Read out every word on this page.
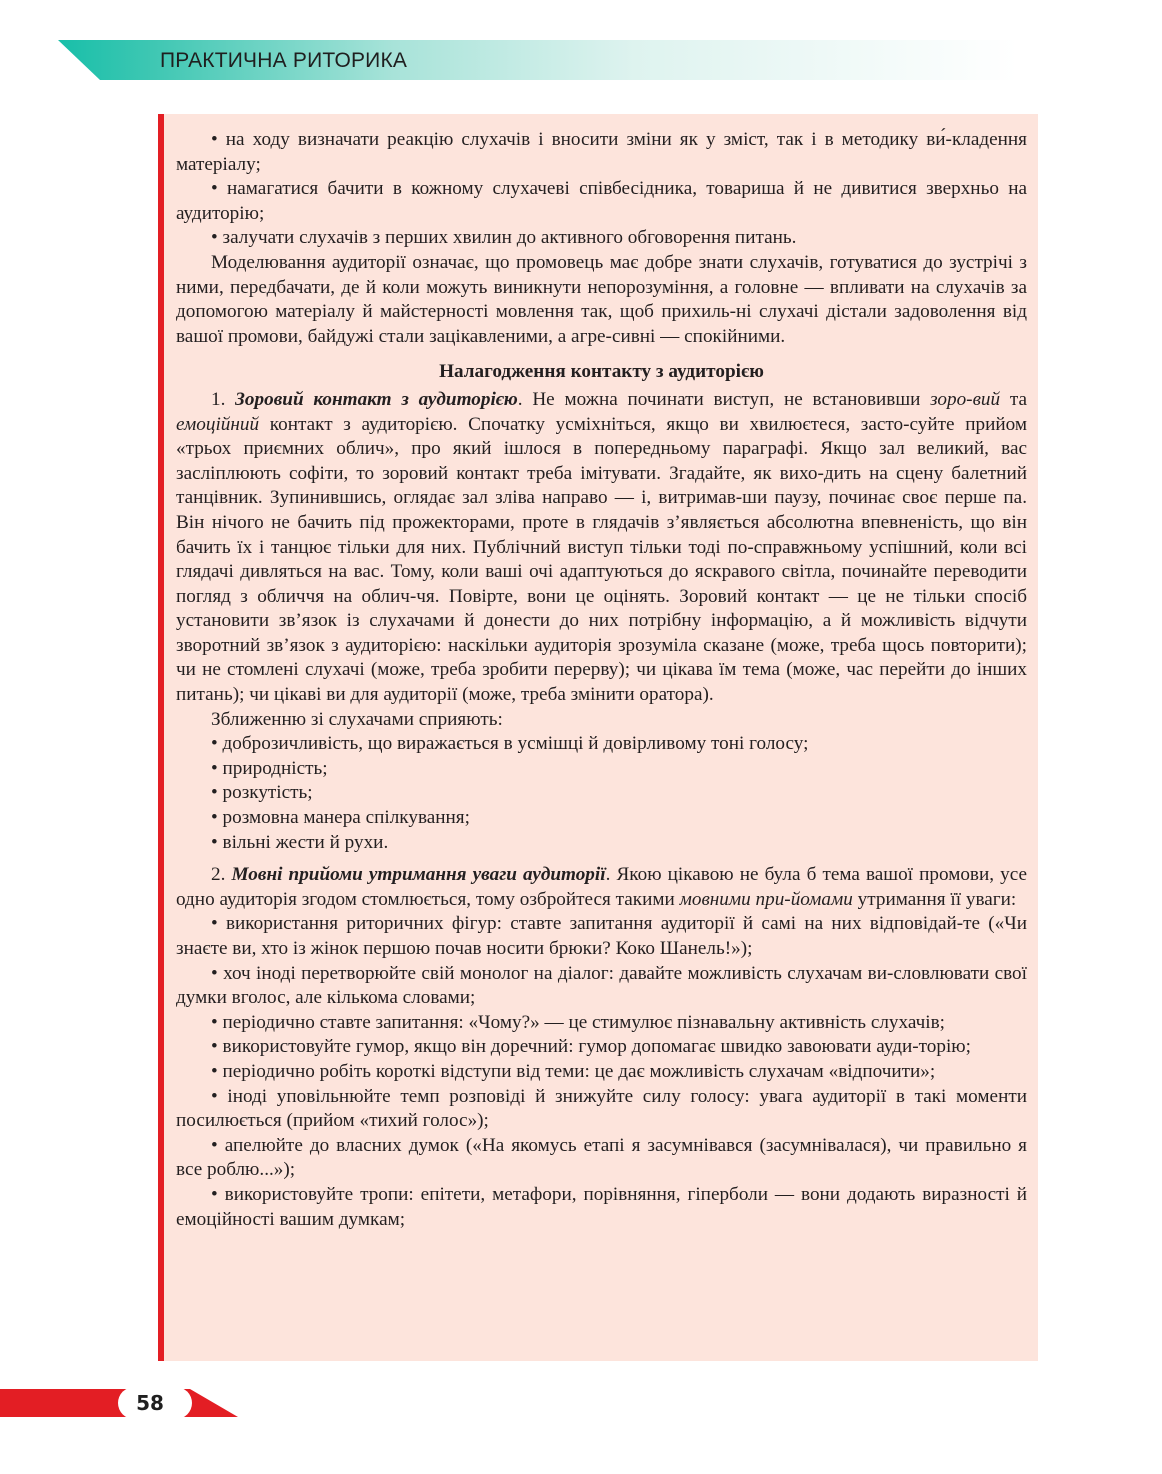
ПРАКТИЧНА РИТОРИКА

• на ходу визначати реакцію слухачів і вносити зміни як у зміст, так і в методику ви́-кладення матеріалу;

• намагатися бачити в кожному слухачеві співбесідника, товариша й не дивитися зверхньо на аудиторію;

• залучати слухачів з перших хвилин до активного обговорення питань.

Моделювання аудиторії означає, що промовець має добре знати слухачів, готуватися до зустрічі з ними, передбачати, де й коли можуть виникнути непорозуміння, а головне — впливати на слухачів за допомогою матеріалу й майстерності мовлення так, щоб прихиль-ні слухачі дістали задоволення від вашої промови, байдужі стали зацікавленими, а агре-сивні — спокійними.

Налагодження контакту з аудиторією

1. Зоровий контакт з аудиторією. Не можна починати виступ, не встановивши зоро-вий та емоційний контакт з аудиторією. Спочатку усміхніться, якщо ви хвилюєтеся, засто-суйте прийом «трьох приємних облич», про який ішлося в попередньому параграфі. Якщо зал великий, вас засліплюють софіти, то зоровий контакт треба імітувати. Згадайте, як вихо-дить на сцену балетний танцівник. Зупинившись, оглядає зал зліва направо — і, витримав-ши паузу, починає своє перше па. Він нічого не бачить під прожекторами, проте в глядачів з’являється абсолютна впевненість, що він бачить їх і танцює тільки для них. Публічний виступ тільки тоді по-справжньому успішний, коли всі глядачі дивляться на вас. Тому, коли ваші очі адаптуються до яскравого світла, починайте переводити погляд з обличчя на облич-чя. Повірте, вони це оцінять. Зоровий контакт — це не тільки спосіб установити зв’язок із слухачами й донести до них потрібну інформацію, а й можливість відчути зворотний зв’язок з аудиторією: наскільки аудиторія зрозуміла сказане (може, треба щось повторити); чи не стомлені слухачі (може, треба зробити перерву); чи цікава їм тема (може, час перейти до інших питань); чи цікаві ви для аудиторії (може, треба змінити оратора).

Зближенню зі слухачами сприяють:

• доброзичливість, що виражається в усмішці й довірливому тоні голосу;

• природність;

• розкутість;

• розмовна манера спілкування;

• вільні жести й рухи.

2. Мовні прийоми утримання уваги аудиторії. Якою цікавою не була б тема вашої промови, усе одно аудиторія згодом стомлюється, тому озбройтеся такими мовними при-йомами утримання її уваги:

• використання риторичних фігур: ставте запитання аудиторії й самі на них відповідай-те («Чи знаєте ви, хто із жінок першою почав носити брюки? Коко Шанель!»);

• хоч іноді перетворюйте свій монолог на діалог: давайте можливість слухачам ви-словлювати свої думки вголос, але кількома словами;

• періодично ставте запитання: «Чому?» — це стимулює пізнавальну активність слухачів;

• використовуйте гумор, якщо він доречний: гумор допомагає швидко завоювати ауди-торію;

• періодично робіть короткі відступи від теми: це дає можливість слухачам «відпочити»;

• іноді уповільнюйте темп розповіді й знижуйте силу голосу: увага аудиторії в такі моменти посилюється (прийом «тихий голос»);

• апелюйте до власних думок («На якомусь етапі я засумнівався (засумнівалася), чи правильно я все роблю...»);

• використовуйте тропи: епітети, метафори, порівняння, гіперболи — вони додають виразності й емоційності вашим думкам;

58
